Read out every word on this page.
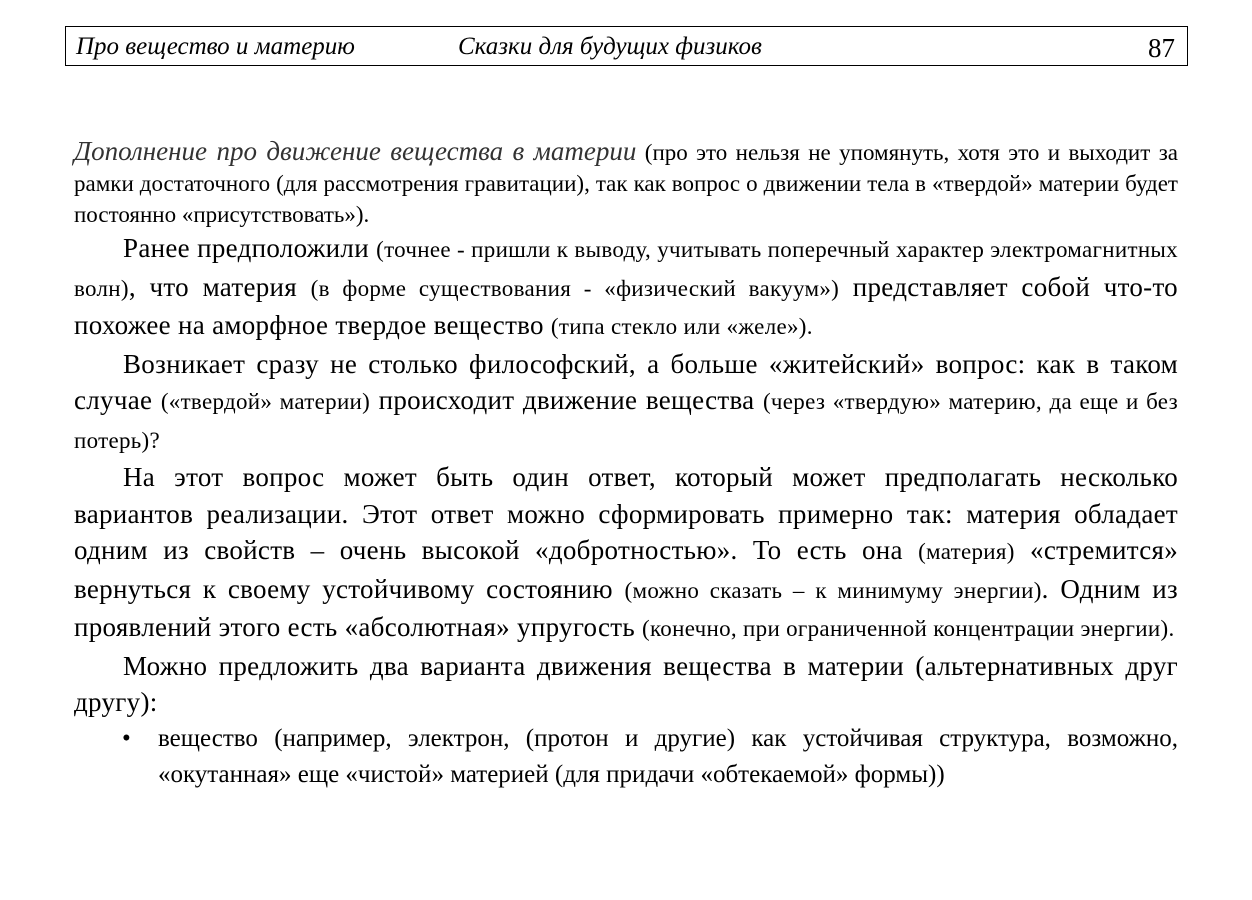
Про вещество и материю	Сказки для будущих физиков	87

Дополнение про движение вещества в материи (про это нельзя не упомянуть, хотя это и выходит за рамки достаточного (для рассмотрения гравитации), так как вопрос о движении тела в «твердой» материи будет постоянно «присутствовать»).

Ранее предположили (точнее - пришли к выводу, учитывать поперечный характер электромагнитных волн), что материя (в форме существования - «физический вакуум») представляет собой что-то похожее на аморфное твердое вещество (типа стекло или «желе»).

Возникает сразу не столько философский, а больше «житейский» вопрос: как в таком случае («твердой» материи) происходит движение вещества (через «твердую» материю, да еще и без потерь)?

На этот вопрос может быть один ответ, который может предполагать несколько вариантов реализации. Этот ответ можно сформировать примерно так: материя обладает одним из свойств – очень высокой «добротностью». То есть она (материя) «стремится» вернуться к своему устойчивому состоянию (можно сказать – к минимуму энергии). Одним из проявлений этого есть «абсолютная» упругость (конечно, при ограниченной концентрации энергии).

Можно предложить два варианта движения вещества в материи (альтернативных друг другу):

• вещество (например, электрон, (протон и другие) как устойчивая структура, возможно, «окутанная» еще «чистой» материей (для придачи «обтекаемой» формы))
